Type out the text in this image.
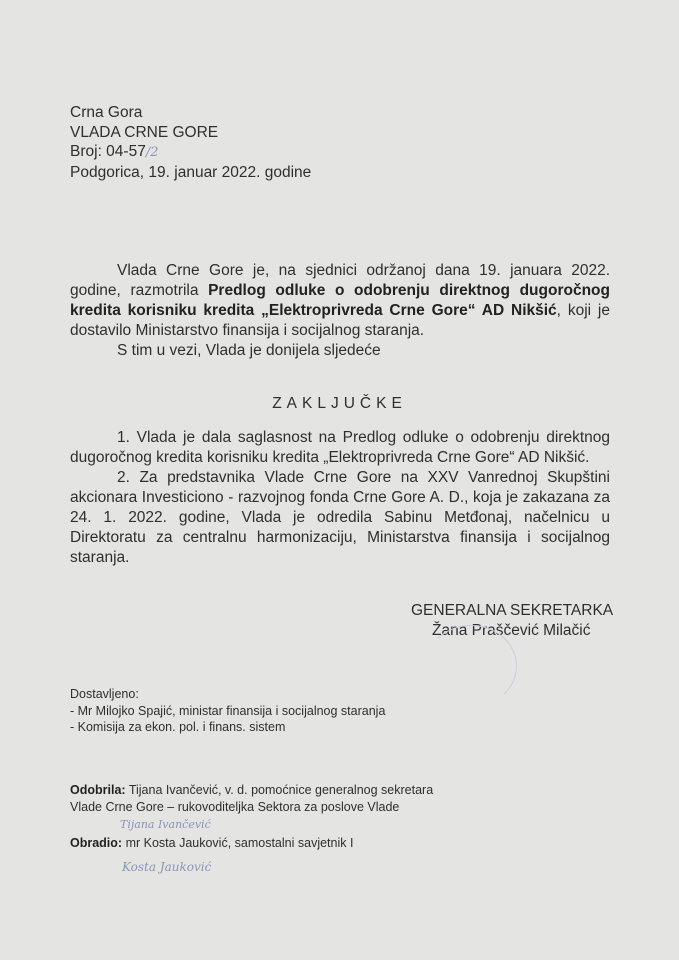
Crna Gora
VLADA CRNE GORE
Broj: 04-57/2
Podgorica, 19. januar 2022. godine
Vlada Crne Gore je, na sjednici održanoj dana 19. januara 2022. godine, razmotrila Predlog odluke o odobrenju direktnog dugoročnog kredita korisniku kredita „Elektroprivreda Crne Gore“ AD Nikšić, koji je dostavilo Ministarstvo finansija i socijalnog staranja.
S tim u vezi, Vlada je donijela sljedeće
ZAKLJUČKE
1. Vlada je dala saglasnost na Predlog odluke o odobrenju direktnog dugoročnog kredita korisniku kredita „Elektroprivreda Crne Gore“ AD Nikšić.
2. Za predstavnika Vlade Crne Gore na XXV Vanrednoj Skupštini akcionara Investiciono - razvojnog fonda Crne Gore A. D., koja je zakazana za 24. 1. 2022. godine, Vlada je odredila Sabinu Metđonaj, načelnicu u Direktoratu za centralnu harmonizaciju, Ministarstva finansija i socijalnog staranja.
GENERALNA SEKRETARKA
Žana Praščević Milačić
Dostavljeno:
- Mr Milojko Spajić, ministar finansija i socijalnog staranja
- Komisija za ekon. pol. i finans. sistem
Odobrila: Tijana Ivančević, v. d. pomoćnice generalnog sekretara Vlade Crne Gore – rukovoditeljka Sektora za poslove Vlade
Tijana Ivančević
Obradio: mr Kosta Jauković, samostalni savjetnik I
Kosta Jauković
